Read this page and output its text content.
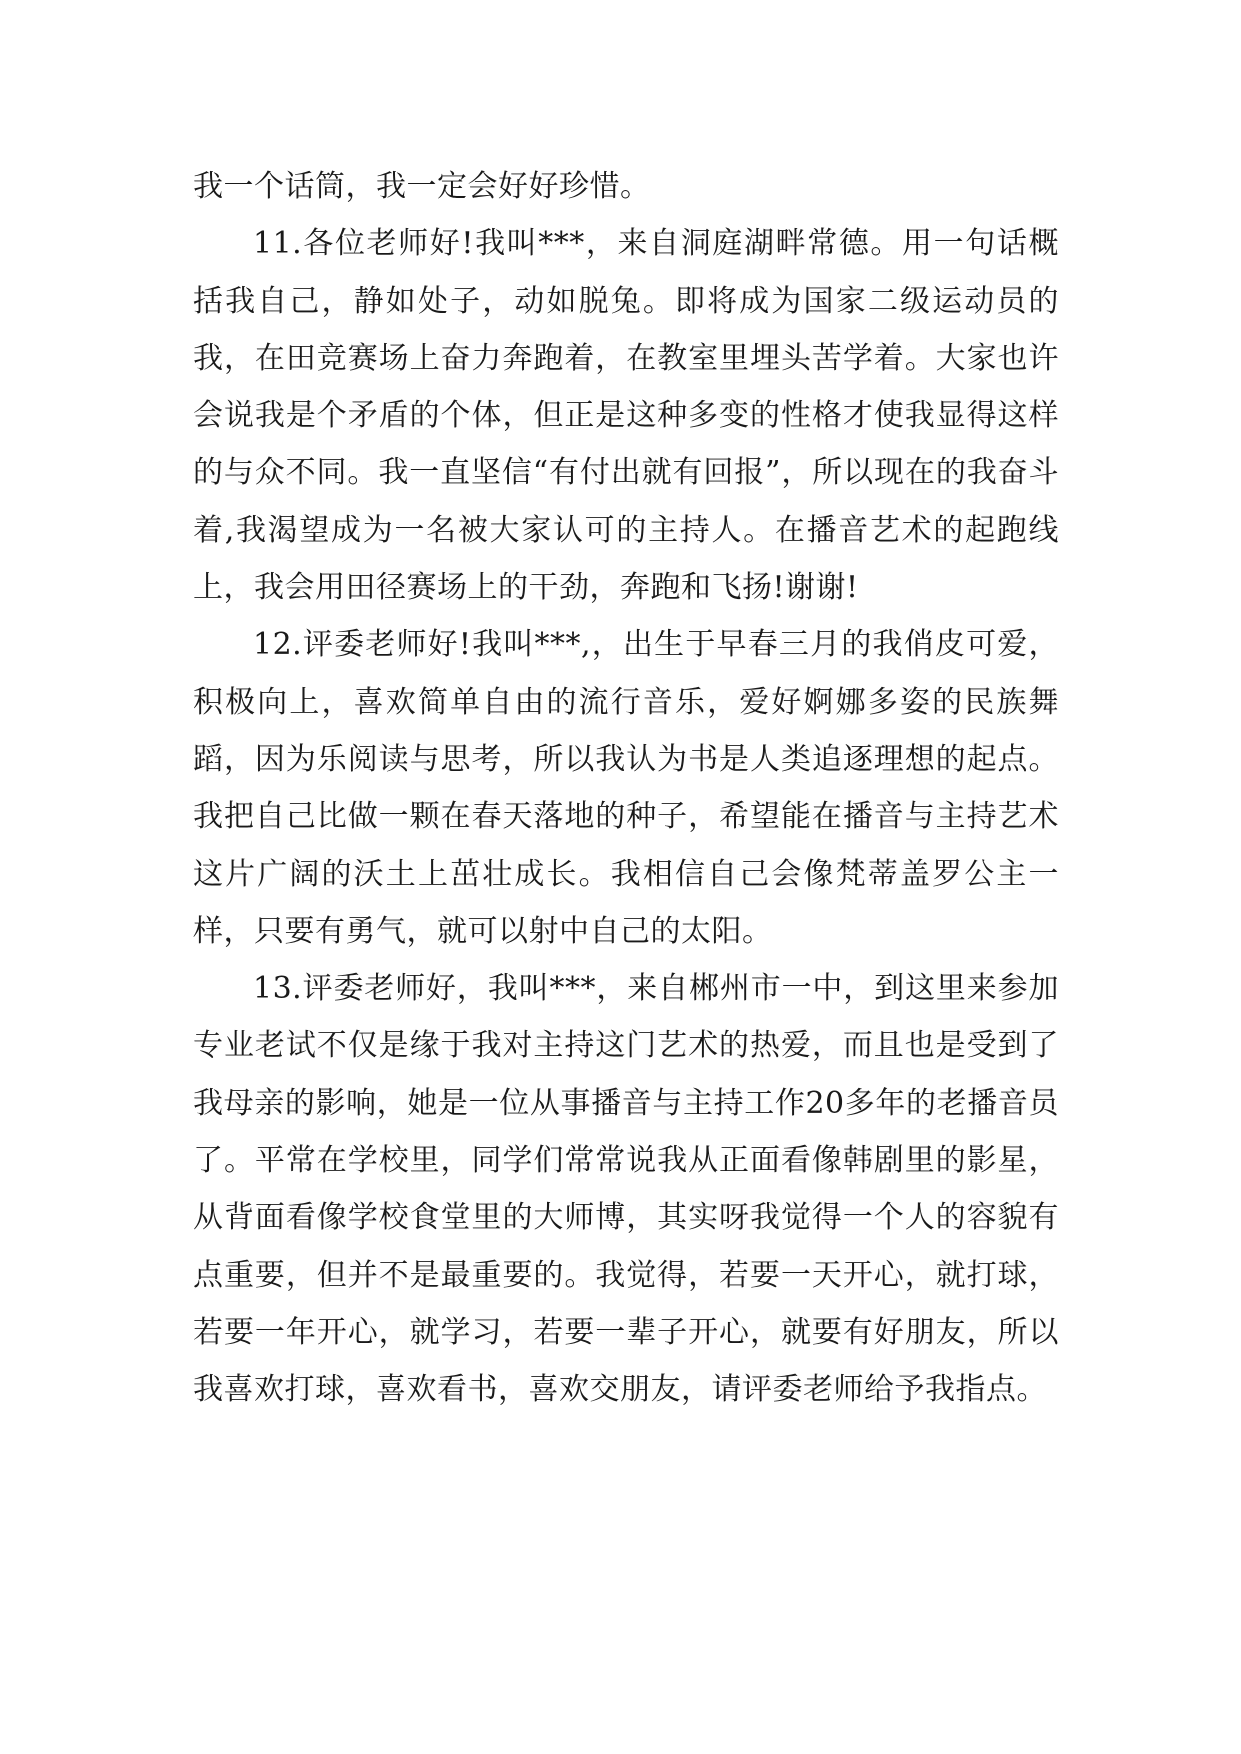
我一个话筒，我一定会好好珍惜。

11.各位老师好!我叫***，来自洞庭湖畔常德。用一句话概括我自己，静如处子，动如脱兔。即将成为国家二级运动员的我，在田竞赛场上奋力奔跑着，在教室里埋头苦学着。大家也许会说我是个矛盾的个体，但正是这种多变的性格才使我显得这样的与众不同。我一直坚信“有付出就有回报”，所以现在的我奋斗着,我渴望成为一名被大家认可的主持人。在播音艺术的起跑线上，我会用田径赛场上的干劲，奔跑和飞扬!谢谢!

12.评委老师好!我叫***,，出生于早春三月的我俏皮可爱，积极向上，喜欢简单自由的流行音乐，爱好婀娜多姿的民族舞蹈，因为乐阅读与思考，所以我认为书是人类追逐理想的起点。我把自己比做一颗在春天落地的种子，希望能在播音与主持艺术这片广阔的沃土上茁壮成长。我相信自己会像梵蒂盖罗公主一样，只要有勇气，就可以射中自己的太阳。

13.评委老师好，我叫***，来自郴州市一中，到这里来参加专业老试不仅是缘于我对主持这门艺术的热爱，而且也是受到了我母亲的影响，她是一位从事播音与主持工作20多年的老播音员了。平常在学校里，同学们常常说我从正面看像韩剧里的影星，从背面看像学校食堂里的大师博，其实呀我觉得一个人的容貌有点重要，但并不是最重要的。我觉得，若要一天开心，就打球，若要一年开心，就学习，若要一辈子开心，就要有好朋友，所以我喜欢打球，喜欢看书，喜欢交朋友，请评委老师给予我指点。
